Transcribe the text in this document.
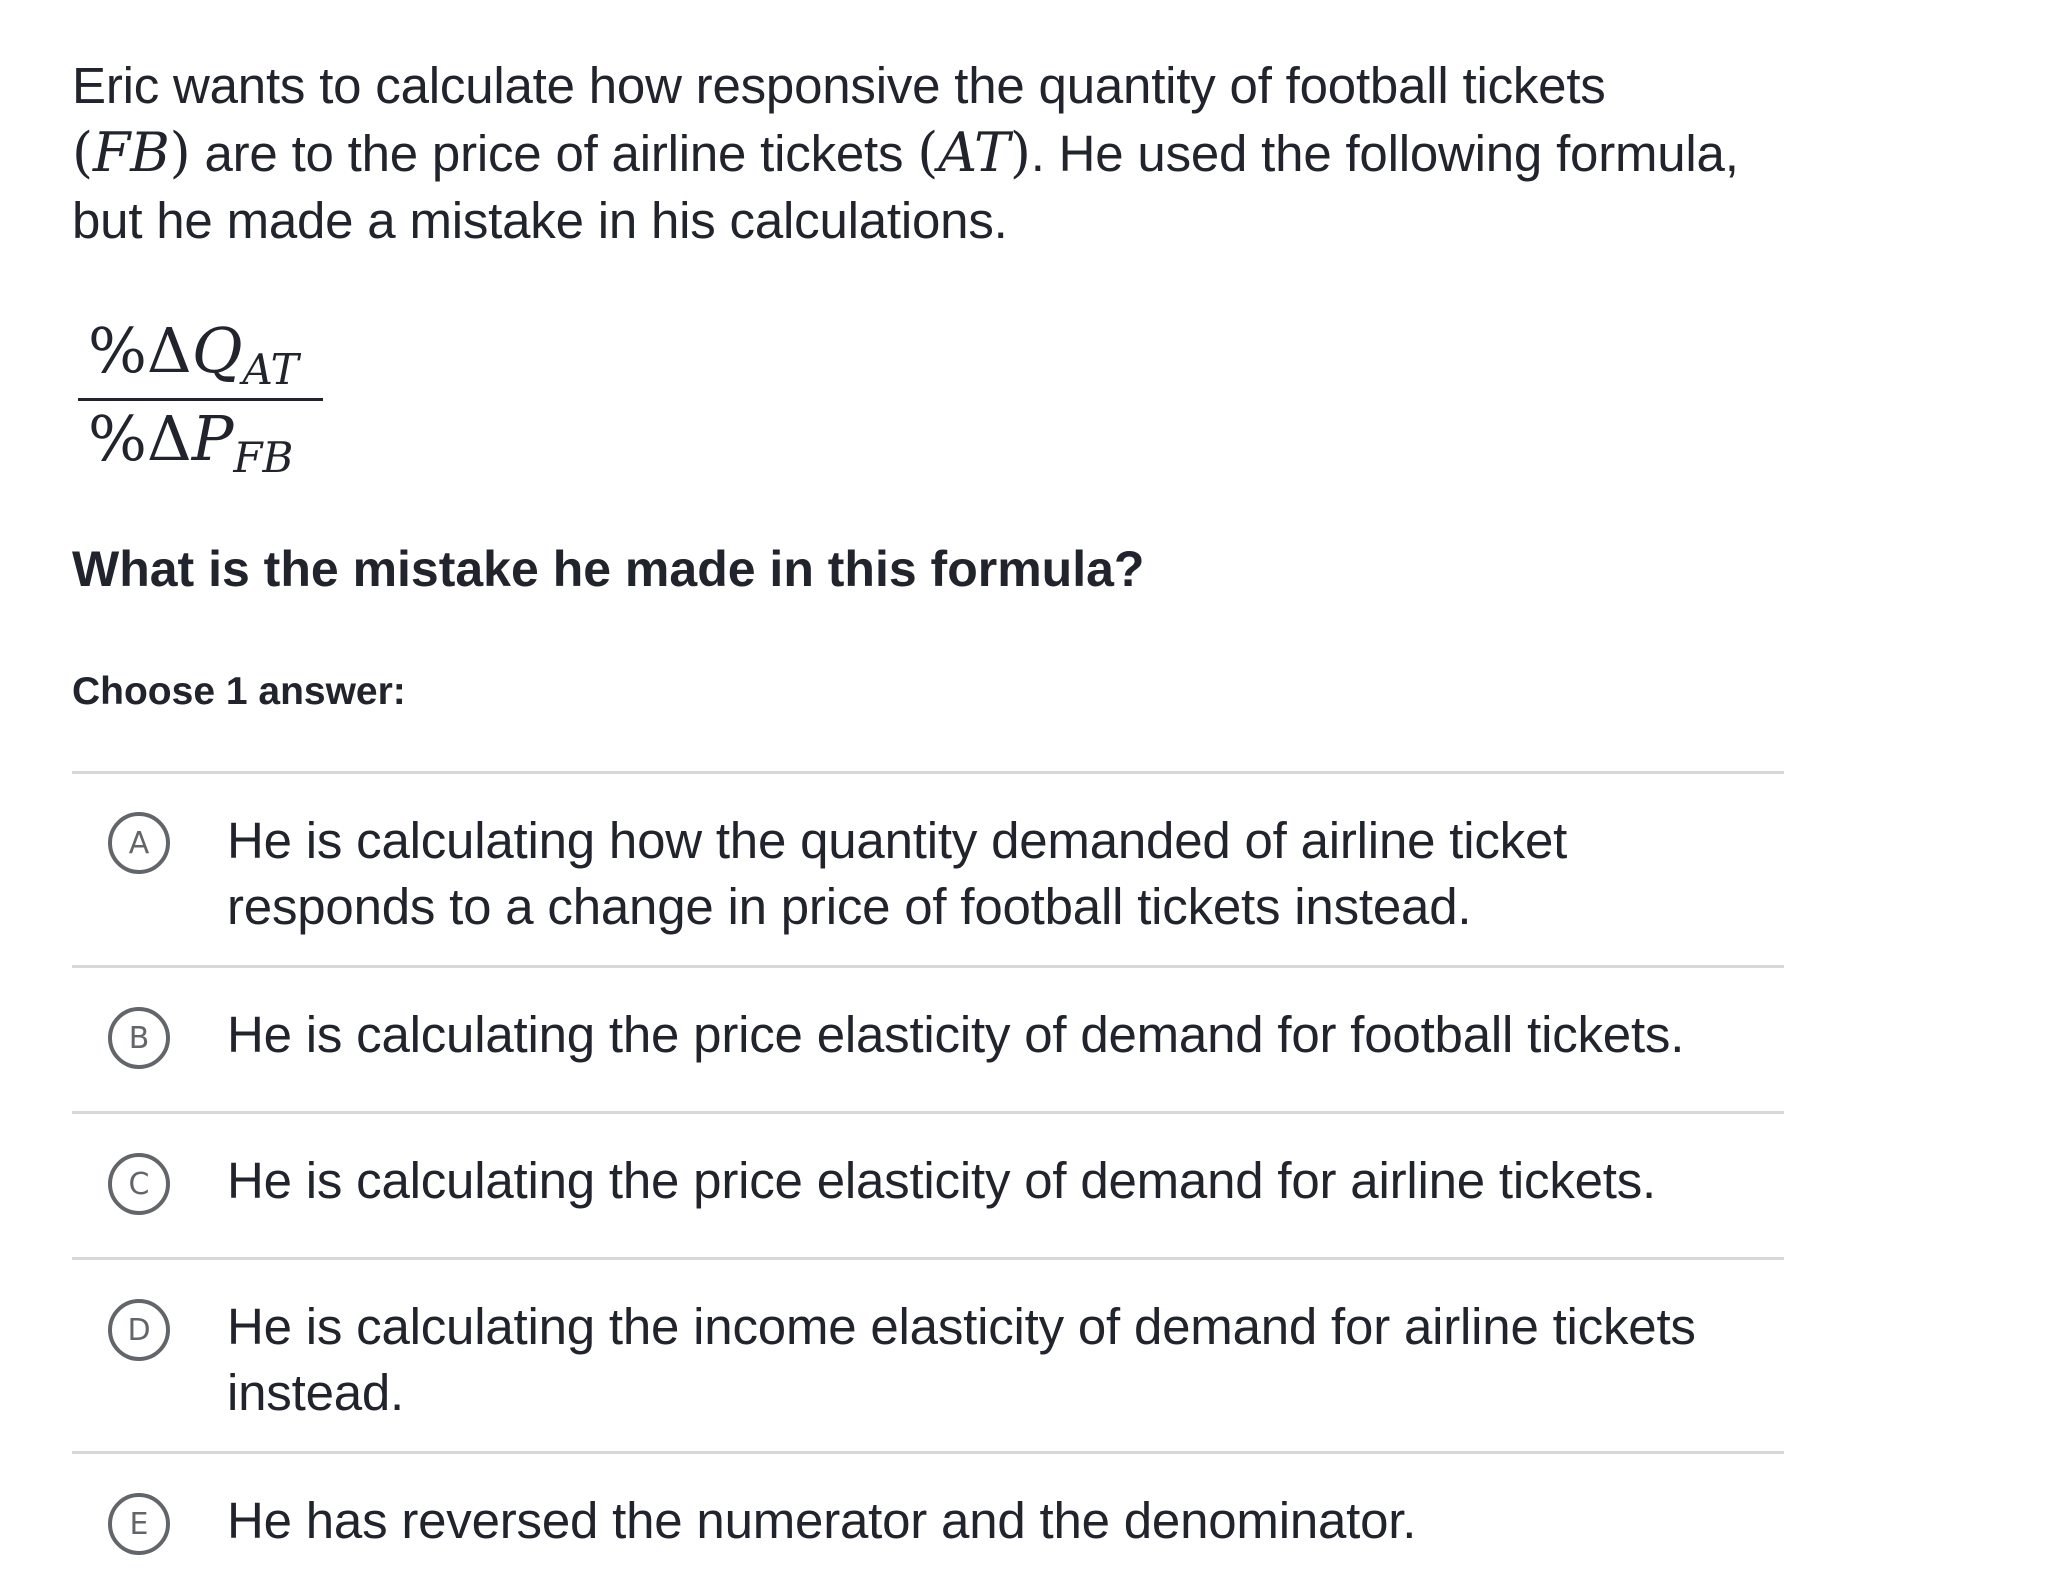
Eric wants to calculate how responsive the quantity of football tickets
(FB) are to the price of airline tickets (AT). He used the following formula, but he made a mistake in his calculations.

%ΔQAT
%ΔPFB

What is the mistake he made in this formula?

Choose 1 answer:

A	He is calculating how the quantity demanded of airline ticket responds to a change in price of football tickets instead.
B	He is calculating the price elasticity of demand for football tickets.
C	He is calculating the price elasticity of demand for airline tickets.
D	He is calculating the income elasticity of demand for airline tickets instead.
E	He has reversed the numerator and the denominator.
